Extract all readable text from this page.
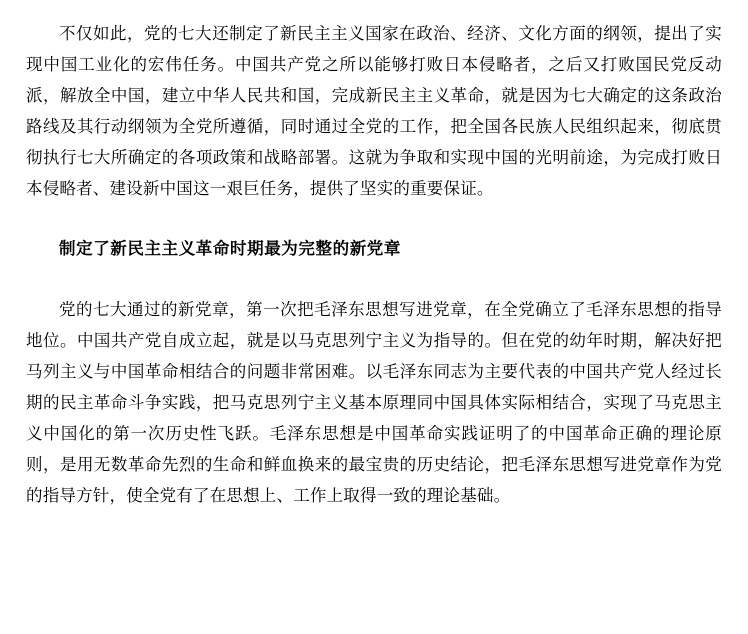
不仅如此，党的七大还制定了新民主主义国家在政治、经济、文化方面的纲领，提出了实现中国工业化的宏伟任务。中国共产党之所以能够打败日本侵略者，之后又打败国民党反动派，解放全中国，建立中华人民共和国，完成新民主主义革命，就是因为七大确定的这条政治路线及其行动纲领为全党所遵循，同时通过全党的工作，把全国各民族人民组织起来，彻底贯彻执行七大所确定的各项政策和战略部署。这就为争取和实现中国的光明前途，为完成打败日本侵略者、建设新中国这一艰巨任务，提供了坚实的重要保证。

制定了新民主主义革命时期最为完整的新党章

党的七大通过的新党章，第一次把毛泽东思想写进党章，在全党确立了毛泽东思想的指导地位。中国共产党自成立起，就是以马克思列宁主义为指导的。但在党的幼年时期，解决好把马列主义与中国革命相结合的问题非常困难。以毛泽东同志为主要代表的中国共产党人经过长期的民主革命斗争实践，把马克思列宁主义基本原理同中国具体实际相结合，实现了马克思主义中国化的第一次历史性飞跃。毛泽东思想是中国革命实践证明了的中国革命正确的理论原则，是用无数革命先烈的生命和鲜血换来的最宝贵的历史结论，把毛泽东思想写进党章作为党的指导方针，使全党有了在思想上、工作上取得一致的理论基础。
